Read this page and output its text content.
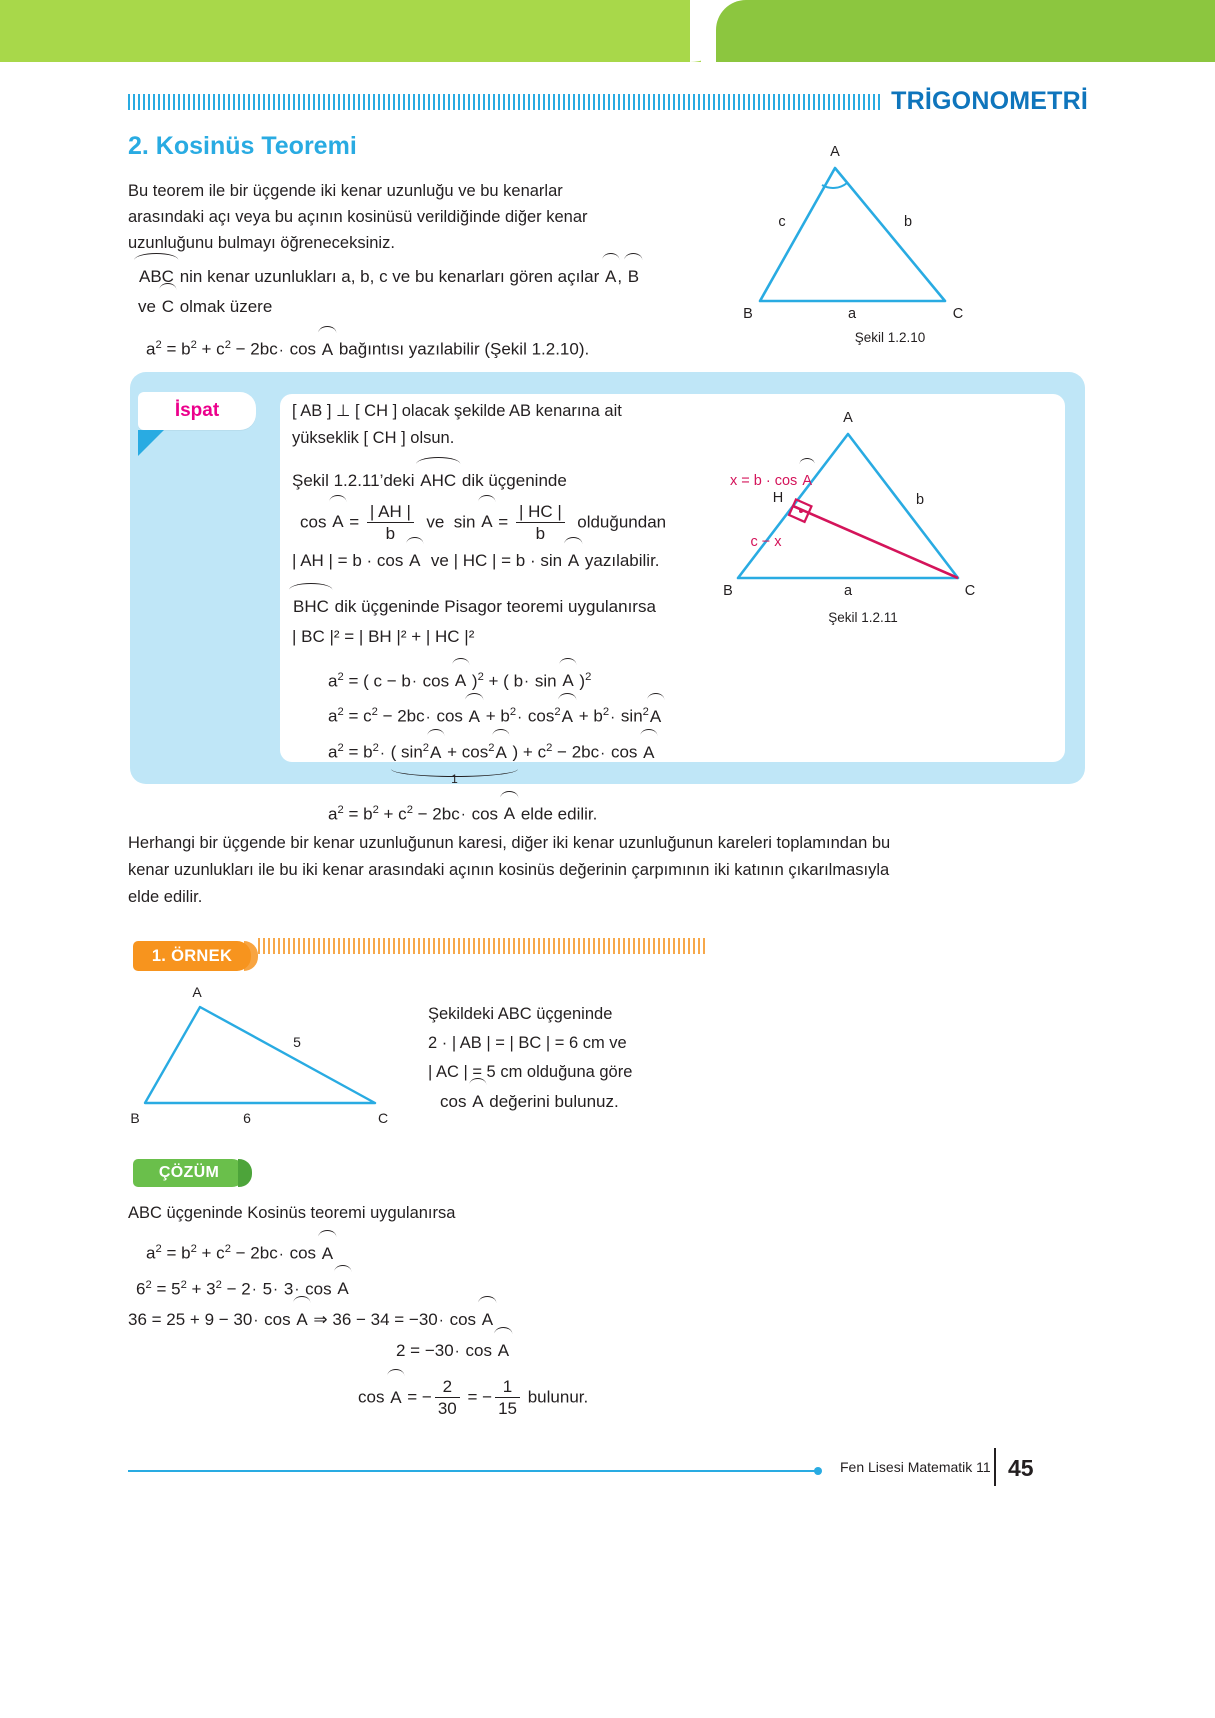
TRİGONOMETRİ
2. Kosinüs Teoremi
Bu teorem ile bir üçgende iki kenar uzunluğu ve bu kenarlar
arasındaki açı veya bu açının kosinüsü verildiğinde diğer kenar
uzunluğunu bulmayı öğreneceksiniz.
ABC nin kenar uzunlukları a, b, c ve bu kenarları gören açılar A, B
ve C olmak üzere
$a^2 = b^2 + c^2 - 2bc\cdot \cos A$ bağıntısı yazılabilir (Şekil 1.2.10).
A
B	C
a
b
c
Şekil 1.2.10
İspat	[ AB ] ⊥ [ CH ] olacak şekilde AB kenarına ait
yükseklik [ CH ] olsun.
Şekil 1.2.11’deki AHC dik üçgeninde
$\cos A = \frac{| AH |}{b}$ ve $\sin A = \frac{| HC |}{b}$ olduğundan
| AH | = b · cos A ve | HC | = b · sin A yazılabilir.
BHC dik üçgeninde Pisagor teoremi uygulanırsa
| BC |² = | BH |² + | HC |²
$a^2$ = ( c − b· cos A )$^2$ + ( b· sin A )$^2$
$a^2 = c^2 - 2bc\cdot \cos A + b^2\cdot \cos^2A + b^2\cdot \sin^2A$
$a^2 = b^2\cdot$ ( $\sin^2A + \cos^2A$ )
1
+ $c^2 - 2bc\cdot \cos A$
$a^2 = b^2 + c^2 - 2bc\cdot \cos A$ elde edilir.
A
B	C
a
b
H
c − x
x = b · cos A
Şekil 1.2.11
Herhangi bir üçgende bir kenar uzunluğunun karesi, diğer iki kenar uzunluğunun kareleri toplamından bu
kenar uzunlukları ile bu iki kenar arasındaki açının kosinüs değerinin çarpımının iki katının çıkarılmasıyla
elde edilir.
1. ÖRNEK
A
B	C
6
5
Şekildeki ABC üçgeninde
2 · | AB | = | BC | = 6 cm ve
| AC | = 5 cm olduğuna göre
cos A değerini bulunuz.
ÇÖZÜM
ABC üçgeninde Kosinüs teoremi uygulanırsa
$a^2 = b^2 + c^2 - 2bc\cdot \cos A$
$6^2 = 5^2 + 3^2 - 2\cdot 5\cdot 3\cdot \cos A$
36 = 25 + 9 − 30· cos A ⇒ 36 − 34 = −30· cos A
2 = −30· cos A
cos A = − $\frac{2}{30}$ = − $\frac{1}{15}$ bulunur.
Fen Lisesi Matematik 11 45
